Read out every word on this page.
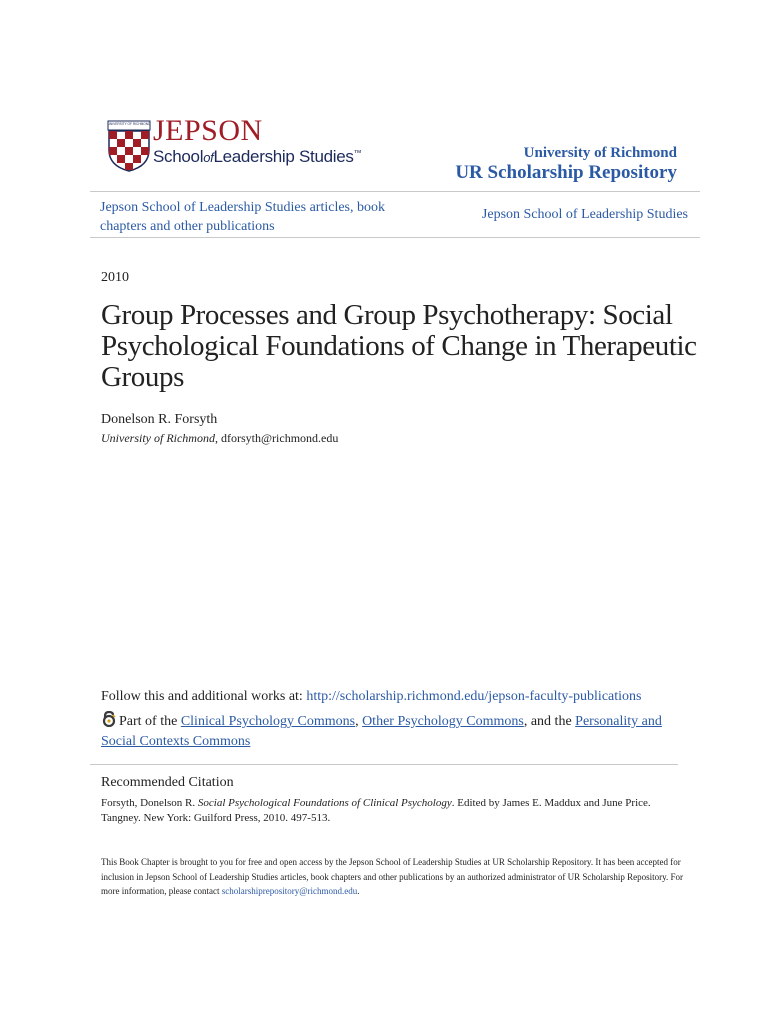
UNIVERSITY OF RICHMOND JEPSON
SchoolofLeadership Studies™	University of Richmond
UR Scholarship Repository
Jepson School of Leadership Studies articles, book chapters and other publications
Jepson School of Leadership Studies
2010
Group Processes and Group Psychotherapy: Social Psychological Foundations of Change in Therapeutic Groups
Donelson R. Forsyth
University of Richmond, dforsyth@richmond.edu
Follow this and additional works at: http://scholarship.richmond.edu/jepson-faculty-publications
Part of the Clinical Psychology Commons, Other Psychology Commons, and the Personality and Social Contexts Commons
Recommended Citation
Forsyth, Donelson R. Social Psychological Foundations of Clinical Psychology. Edited by James E. Maddux and June Price. Tangney. New York: Guilford Press, 2010. 497-513.
This Book Chapter is brought to you for free and open access by the Jepson School of Leadership Studies at UR Scholarship Repository. It has been accepted for inclusion in Jepson School of Leadership Studies articles, book chapters and other publications by an authorized administrator of UR Scholarship Repository. For more information, please contact scholarshiprepository@richmond.edu.
